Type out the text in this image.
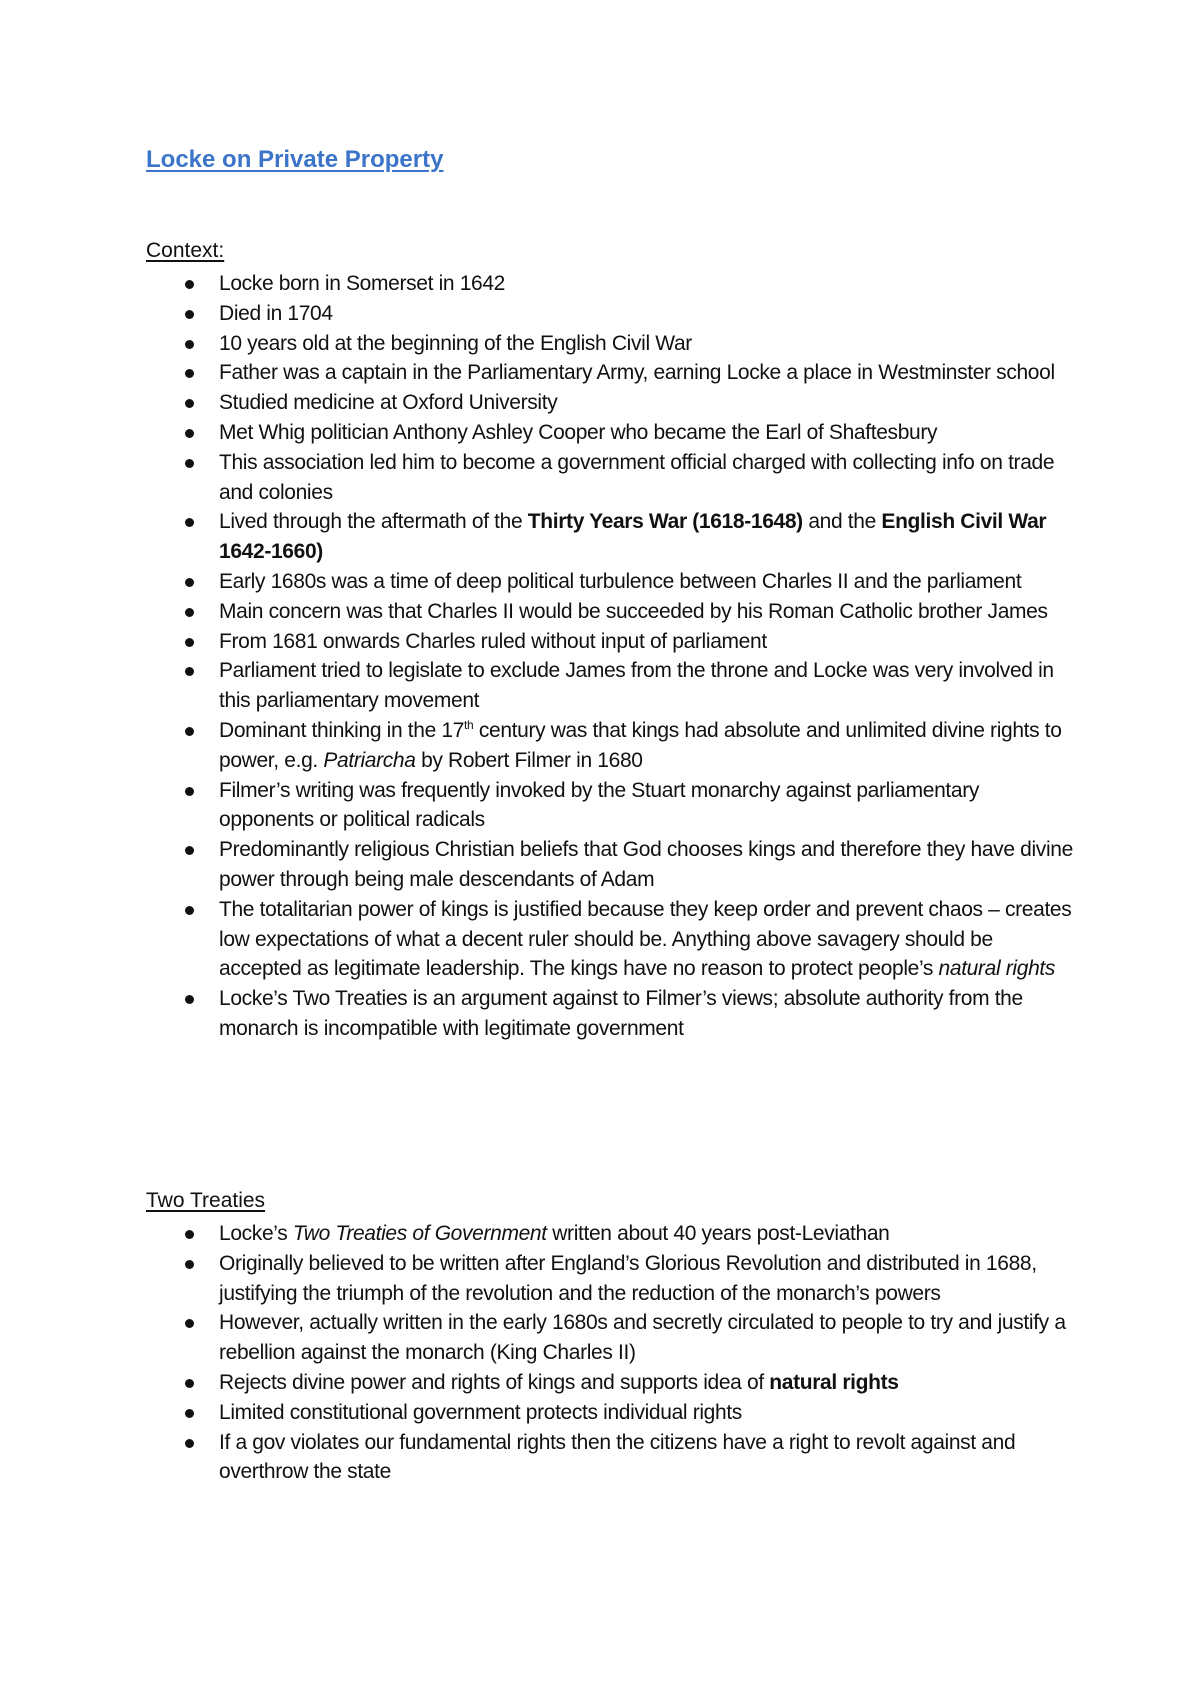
Locke on Private Property
Context:
Locke born in Somerset in 1642
Died in 1704
10 years old at the beginning of the English Civil War
Father was a captain in the Parliamentary Army, earning Locke a place in Westminster school
Studied medicine at Oxford University
Met Whig politician Anthony Ashley Cooper who became the Earl of Shaftesbury
This association led him to become a government official charged with collecting info on trade and colonies
Lived through the aftermath of the Thirty Years War (1618-1648) and the English Civil War 1642-1660)
Early 1680s was a time of deep political turbulence between Charles II and the parliament
Main concern was that Charles II would be succeeded by his Roman Catholic brother James
From 1681 onwards Charles ruled without input of parliament
Parliament tried to legislate to exclude James from the throne and Locke was very involved in this parliamentary movement
Dominant thinking in the 17th century was that kings had absolute and unlimited divine rights to power, e.g. Patriarcha by Robert Filmer in 1680
Filmer’s writing was frequently invoked by the Stuart monarchy against parliamentary opponents or political radicals
Predominantly religious Christian beliefs that God chooses kings and therefore they have divine power through being male descendants of Adam
The totalitarian power of kings is justified because they keep order and prevent chaos – creates low expectations of what a decent ruler should be. Anything above savagery should be accepted as legitimate leadership. The kings have no reason to protect people’s natural rights
Locke’s Two Treaties is an argument against to Filmer’s views; absolute authority from the monarch is incompatible with legitimate government
Two Treaties
Locke’s Two Treaties of Government written about 40 years post-Leviathan
Originally believed to be written after England’s Glorious Revolution and distributed in 1688, justifying the triumph of the revolution and the reduction of the monarch’s powers
However, actually written in the early 1680s and secretly circulated to people to try and justify a rebellion against the monarch (King Charles II)
Rejects divine power and rights of kings and supports idea of natural rights
Limited constitutional government protects individual rights
If a gov violates our fundamental rights then the citizens have a right to revolt against and overthrow the state
